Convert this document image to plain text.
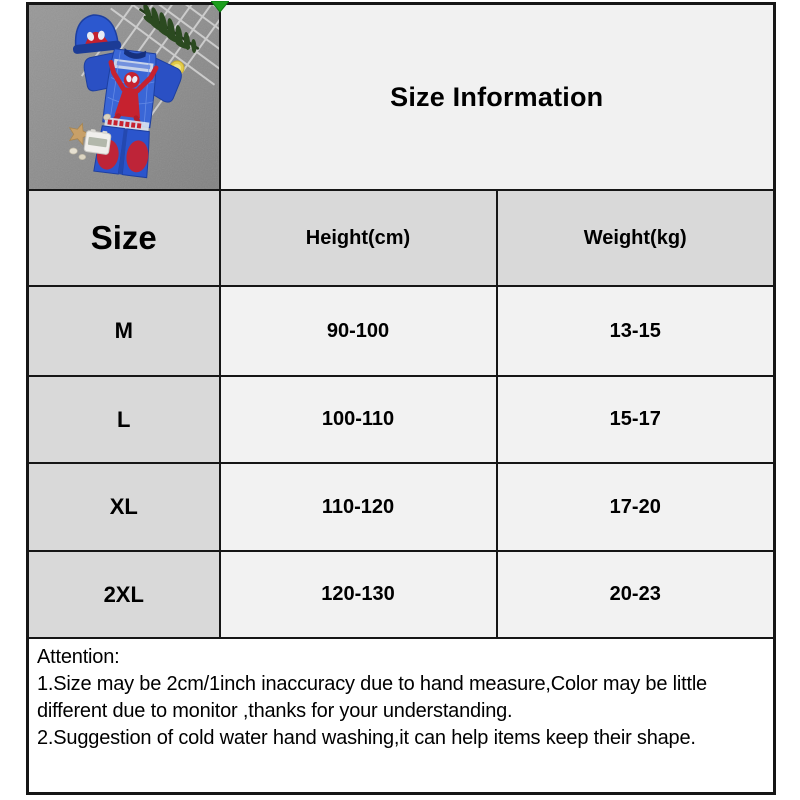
	Size Information	
Size	Height(cm)	Weight(kg)
M	90-100	13-15
L	100-110	15-17
XL	110-120	17-20
2XL	120-130	20-23

Attention:
1.Size may be 2cm/1inch inaccuracy due to hand measure,Color may be little different due to monitor ,thanks for your understanding.
2.Suggestion of cold water hand washing,it can help items keep their shape.		
